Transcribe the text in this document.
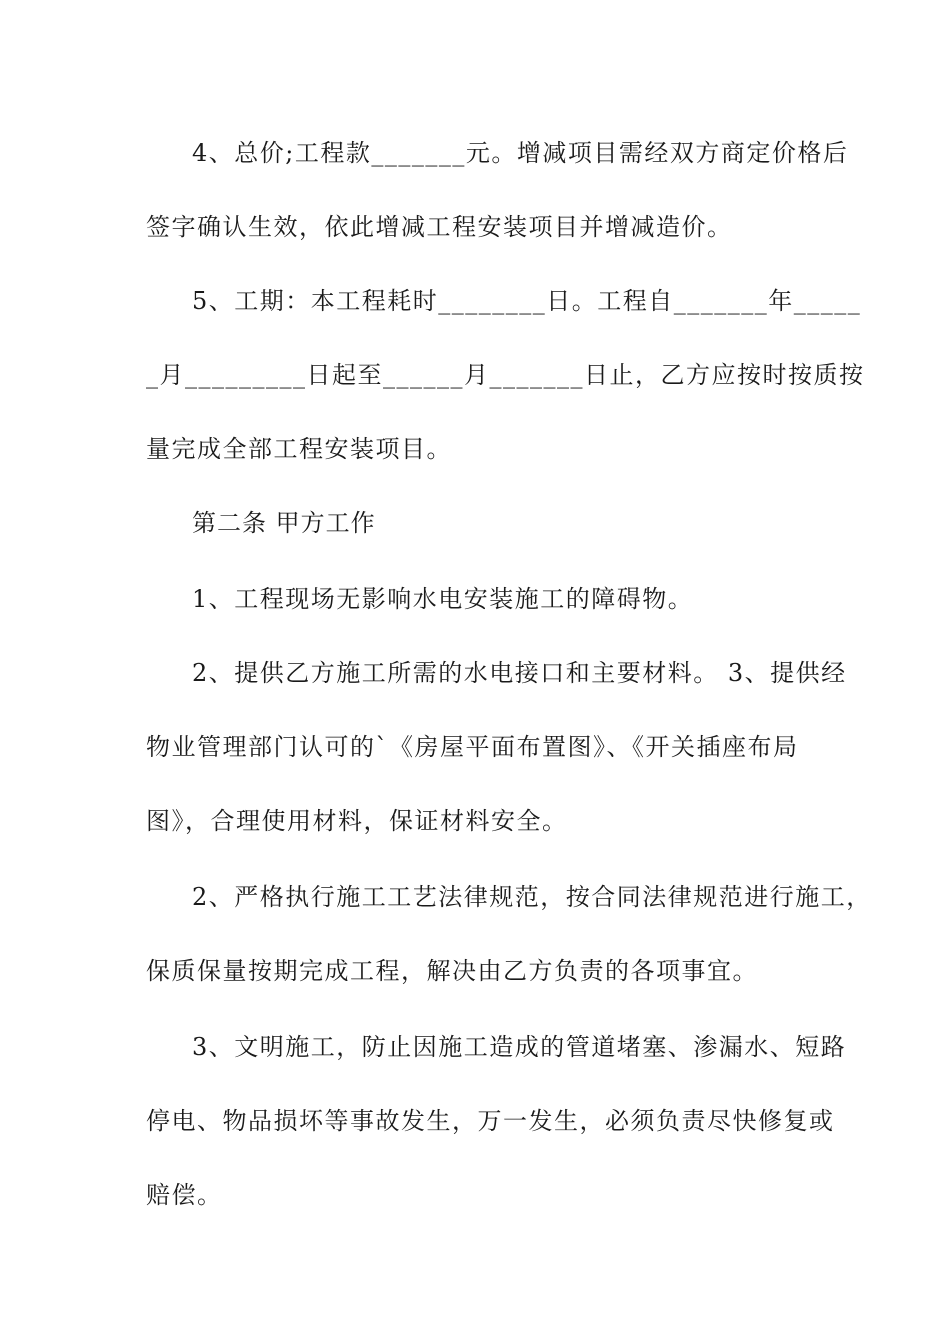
4、总价;工程款_______元。增减项目需经双方商定价格后
签字确认生效，依此增减工程安装项目并增减造价。
5、工期：本工程耗时________日。工程自_______年_____
_月_________日起至______月_______日止，乙方应按时按质按
量完成全部工程安装项目。
第二条 甲方工作
1、工程现场无影响水电安装施工的障碍物。
2、提供乙方施工所需的水电接口和主要材料。 3、提供经
物业管理部门认可的`《房屋平面布置图》、《开关插座布局
图》，合理使用材料，保证材料安全。
2、严格执行施工工艺法律规范，按合同法律规范进行施工，
保质保量按期完成工程，解决由乙方负责的各项事宜。
3、文明施工，防止因施工造成的管道堵塞、渗漏水、短路
停电、物品损坏等事故发生，万一发生，必须负责尽快修复或
赔偿。
